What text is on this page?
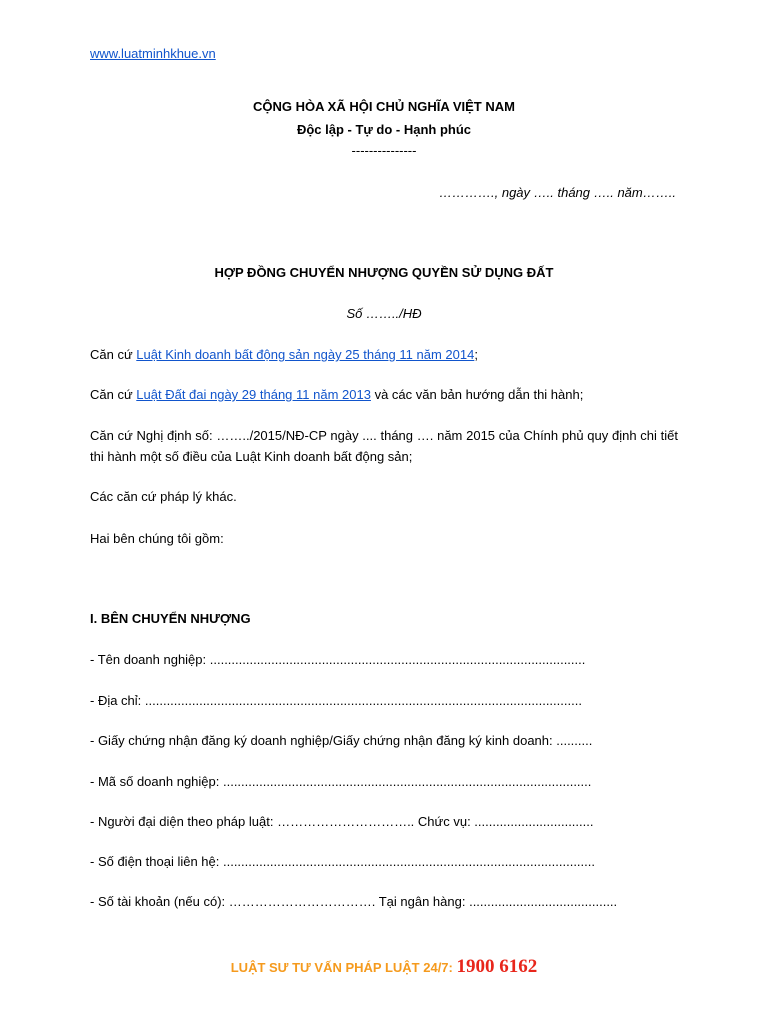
www.luatminhkhue.vn
CỘNG HÒA XÃ HỘI CHỦ NGHĨA VIỆT NAM
Độc lập - Tự do - Hạnh phúc
---------------
…………., ngày ….. tháng ….. năm……..
HỢP ĐỒNG CHUYỂN NHƯỢNG QUYỀN SỬ DỤNG ĐẤT
Số ……../HĐ
Căn cứ Luật Kinh doanh bất động sản ngày 25 tháng 11 năm 2014;
Căn cứ Luật Đất đai ngày 29 tháng 11 năm 2013 và các văn bản hướng dẫn thi hành;
Căn cứ Nghị định số: ……../2015/NĐ-CP ngày .... tháng …. năm 2015 của Chính phủ quy định chi tiết thi hành một số điều của Luật Kinh doanh bất động sản;
Các căn cứ pháp lý khác.
Hai bên chúng tôi gồm:
I. BÊN CHUYỂN NHƯỢNG
- Tên doanh nghiệp: ........................................................................................................
- Địa chỉ: .........................................................................................................................
- Giấy chứng nhận đăng ký doanh nghiệp/Giấy chứng nhận đăng ký kinh doanh: ..........
- Mã số doanh nghiệp: ......................................................................................................
- Người đại diện theo pháp luật: ………………………….. Chức vụ: .................................
- Số điện thoại liên hệ: .......................................................................................................
- Số tài khoản (nếu có): ……………………………. Tại ngân hàng: .........................................
LUẬT SƯ TƯ VẤN PHÁP LUẬT 24/7: 1900 6162
